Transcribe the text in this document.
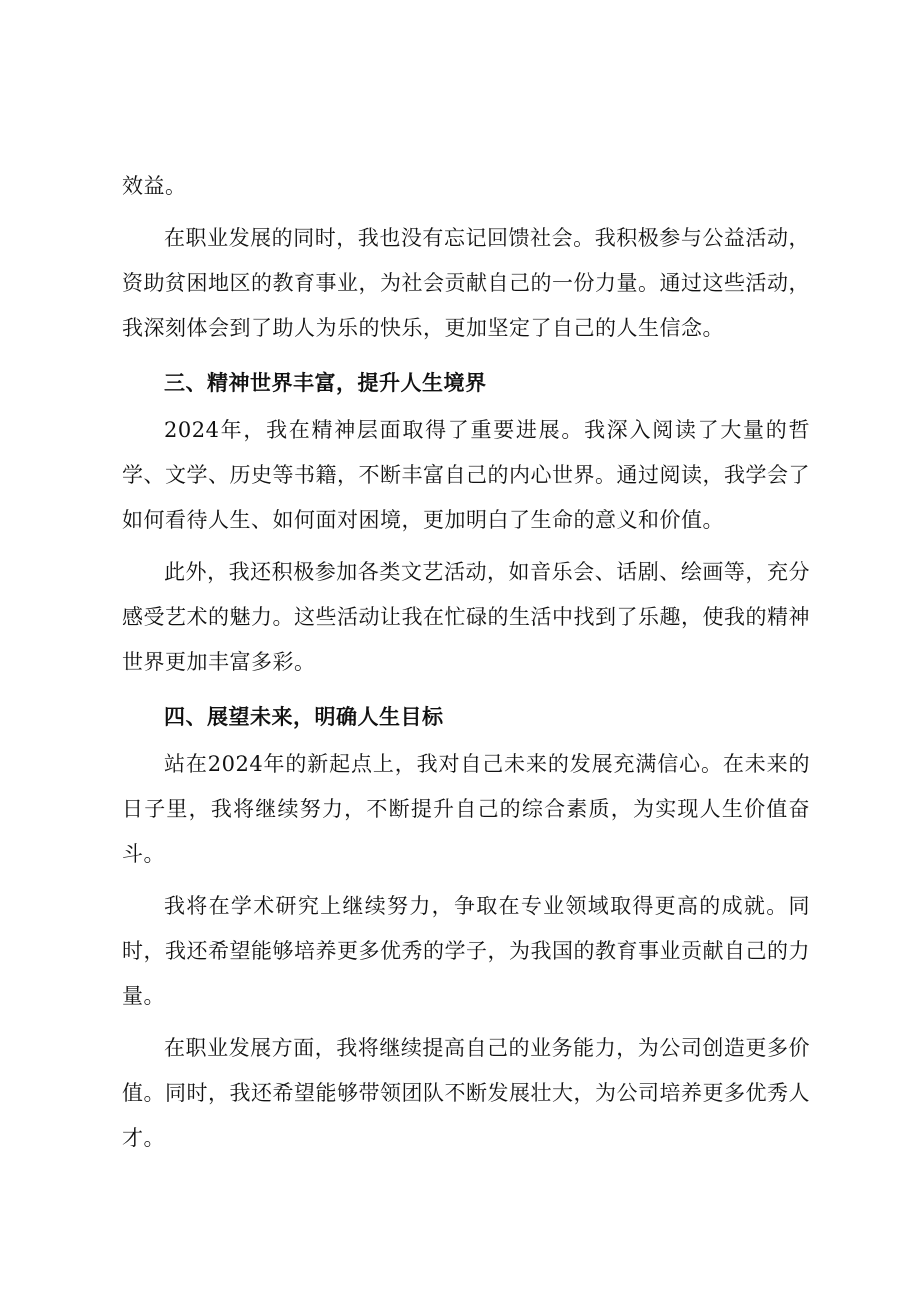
效益。

在职业发展的同时，我也没有忘记回馈社会。我积极参与公益活动，资助贫困地区的教育事业，为社会贡献自己的一份力量。通过这些活动，我深刻体会到了助人为乐的快乐，更加坚定了自己的人生信念。

三、精神世界丰富，提升人生境界

2024年，我在精神层面取得了重要进展。我深入阅读了大量的哲学、文学、历史等书籍，不断丰富自己的内心世界。通过阅读，我学会了如何看待人生、如何面对困境，更加明白了生命的意义和价值。

此外，我还积极参加各类文艺活动，如音乐会、话剧、绘画等，充分感受艺术的魅力。这些活动让我在忙碌的生活中找到了乐趣，使我的精神世界更加丰富多彩。

四、展望未来，明确人生目标

站在2024年的新起点上，我对自己未来的发展充满信心。在未来的日子里，我将继续努力，不断提升自己的综合素质，为实现人生价值奋斗。

我将在学术研究上继续努力，争取在专业领域取得更高的成就。同时，我还希望能够培养更多优秀的学子，为我国的教育事业贡献自己的力量。

在职业发展方面，我将继续提高自己的业务能力，为公司创造更多价值。同时，我还希望能够带领团队不断发展壮大，为公司培养更多优秀人才。
